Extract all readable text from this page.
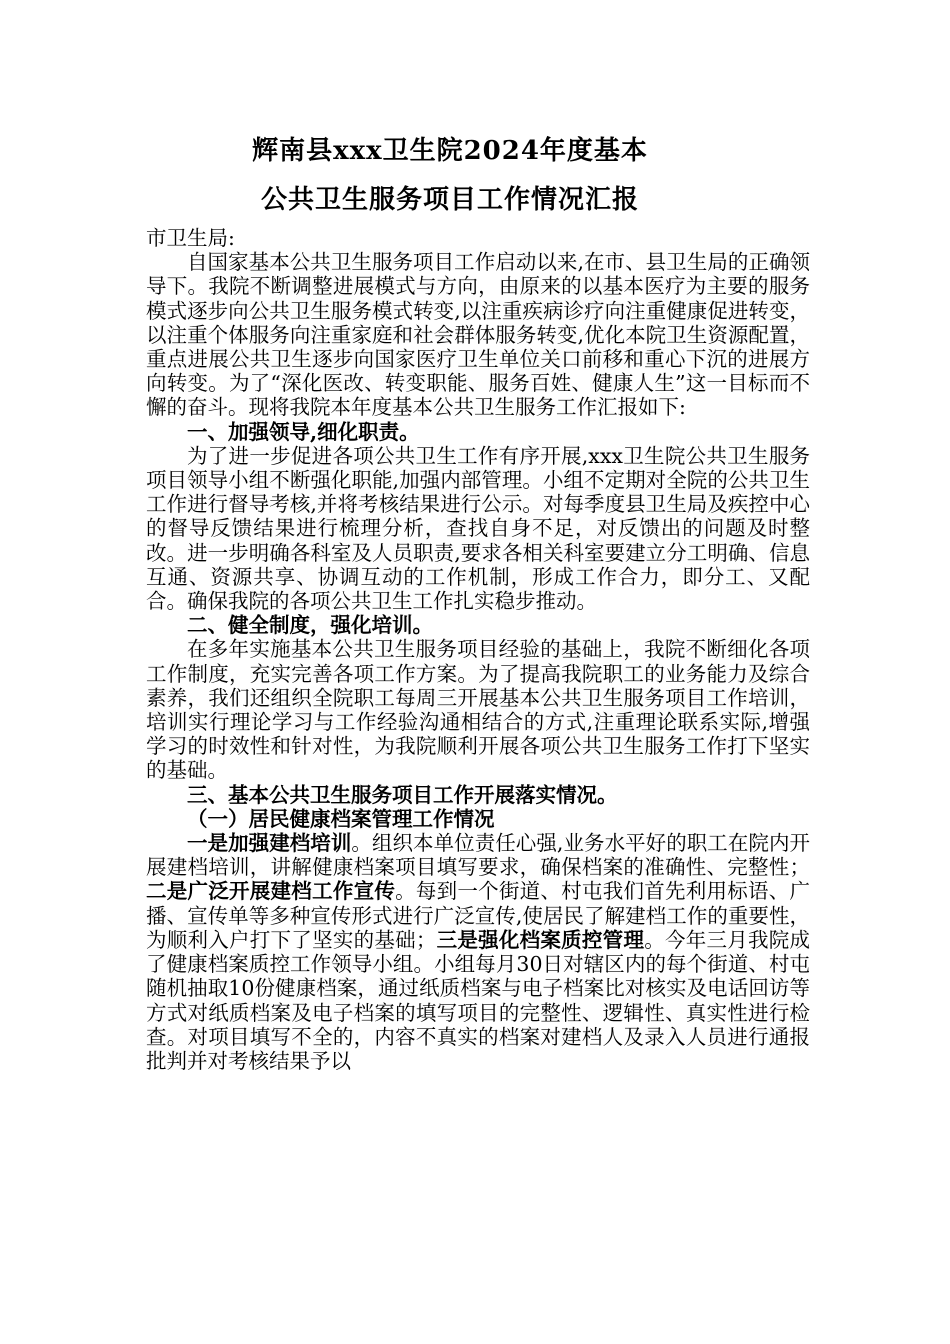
辉南县xxx卫生院2024年度基本
公共卫生服务项目工作情况汇报

市卫生局:

自国家基本公共卫生服务项目工作启动以来,在市、县卫生局的正确领导下。我院不断调整进展模式与方向，由原来的以基本医疗为主要的服务模式逐步向公共卫生服务模式转变,以注重疾病诊疗向注重健康促进转变，以注重个体服务向注重家庭和社会群体服务转变,优化本院卫生资源配置，重点进展公共卫生逐步向国家医疗卫生单位关口前移和重心下沉的进展方向转变。为了“深化医改、转变职能、服务百姓、健康人生”这一目标而不懈的奋斗。现将我院本年度基本公共卫生服务工作汇报如下:

一、加强领导,细化职责。

为了进一步促进各项公共卫生工作有序开展,xxx卫生院公共卫生服务项目领导小组不断强化职能,加强内部管理。小组不定期对全院的公共卫生工作进行督导考核,并将考核结果进行公示。对每季度县卫生局及疾控中心的督导反馈结果进行梳理分析，查找自身不足，对反馈出的问题及时整改。进一步明确各科室及人员职责,要求各相关科室要建立分工明确、信息互通、资源共享、协调互动的工作机制，形成工作合力，即分工、又配合。确保我院的各项公共卫生工作扎实稳步推动。

二、健全制度，强化培训。

在多年实施基本公共卫生服务项目经验的基础上，我院不断细化各项工作制度，充实完善各项工作方案。为了提高我院职工的业务能力及综合素养，我们还组织全院职工每周三开展基本公共卫生服务项目工作培训，培训实行理论学习与工作经验沟通相结合的方式,注重理论联系实际,增强学习的时效性和针对性，为我院顺利开展各项公共卫生服务工作打下坚实的基础。

三、基本公共卫生服务项目工作开展落实情况。

（一）居民健康档案管理工作情况

一是加强建档培训。组织本单位责任心强,业务水平好的职工在院内开展建档培训，讲解健康档案项目填写要求，确保档案的准确性、完整性；二是广泛开展建档工作宣传。每到一个街道、村屯我们首先利用标语、广播、宣传单等多种宣传形式进行广泛宣传,使居民了解建档工作的重要性，为顺利入户打下了坚实的基础；三是强化档案质控管理。今年三月我院成了健康档案质控工作领导小组。小组每月30日对辖区内的每个街道、村屯随机抽取10份健康档案，通过纸质档案与电子档案比对核实及电话回访等方式对纸质档案及电子档案的填写项目的完整性、逻辑性、真实性进行检查。对项目填写不全的，内容不真实的档案对建档人及录入人员进行通报批判并对考核结果予以
